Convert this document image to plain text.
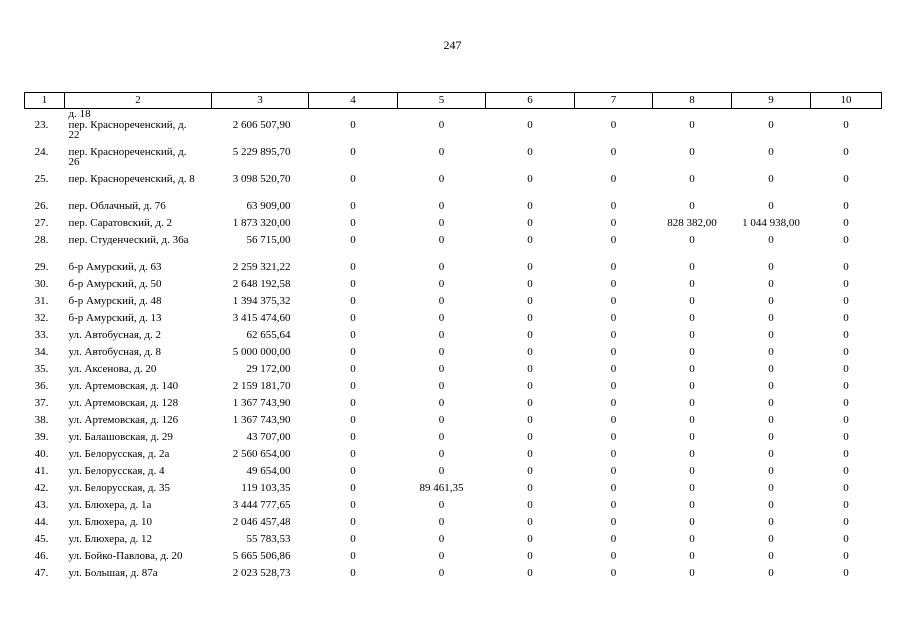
247
1	2	3	4	5	6	7	8	9	10
	д. 18								
23.	пер. Красноречeнский, д. 22	2 606 507,90	0	0	0	0	0	0	0
24.	пер. Красноречeнский, д. 26	5 229 895,70	0	0	0	0	0	0	0
25.	пер. Красноречeнский, д. 8	3 098 520,70	0	0	0	0	0	0	0
26.	пер. Облачный, д. 76	63 909,00	0	0	0	0	0	0	0
27.	пер. Саратовский, д. 2	1 873 320,00	0	0	0	0	828 382,00	1 044 938,00	0
28.	пер. Студенческий, д. 36а	56 715,00	0	0	0	0	0	0	0
29.	б-р Амурский, д. 63	2 259 321,22	0	0	0	0	0	0	0
30.	б-р Амурский, д. 50	2 648 192,58	0	0	0	0	0	0	0
31.	б-р Амурский, д. 48	1 394 375,32	0	0	0	0	0	0	0
32.	б-р Амурский, д. 13	3 415 474,60	0	0	0	0	0	0	0
33.	ул. Автобусная, д. 2	62 655,64	0	0	0	0	0	0	0
34.	ул. Автобусная, д. 8	5 000 000,00	0	0	0	0	0	0	0
35.	ул. Аксенова, д. 20	29 172,00	0	0	0	0	0	0	0
36.	ул. Артемовская, д. 140	2 159 181,70	0	0	0	0	0	0	0
37.	ул. Артемовская, д. 128	1 367 743,90	0	0	0	0	0	0	0
38.	ул. Артемовская, д. 126	1 367 743,90	0	0	0	0	0	0	0
39.	ул. Балашовская, д. 29	43 707,00	0	0	0	0	0	0	0
40.	ул. Белорусская, д. 2а	2 560 654,00	0	0	0	0	0	0	0
41.	ул. Белорусская, д. 4	49 654,00	0	0	0	0	0	0	0
42.	ул. Белорусская, д. 35	119 103,35	0	89 461,35	0	0	0	0	0
43.	ул. Блюхера, д. 1а	3 444 777,65	0	0	0	0	0	0	0
44.	ул. Блюхера, д. 10	2 046 457,48	0	0	0	0	0	0	0
45.	ул. Блюхера, д. 12	55 783,53	0	0	0	0	0	0	0
46.	ул. Бойко-Павлова, д. 20	5 665 506,86	0	0	0	0	0	0	0
47.	ул. Большая, д. 87а	2 023 528,73	0	0	0	0	0	0	0
